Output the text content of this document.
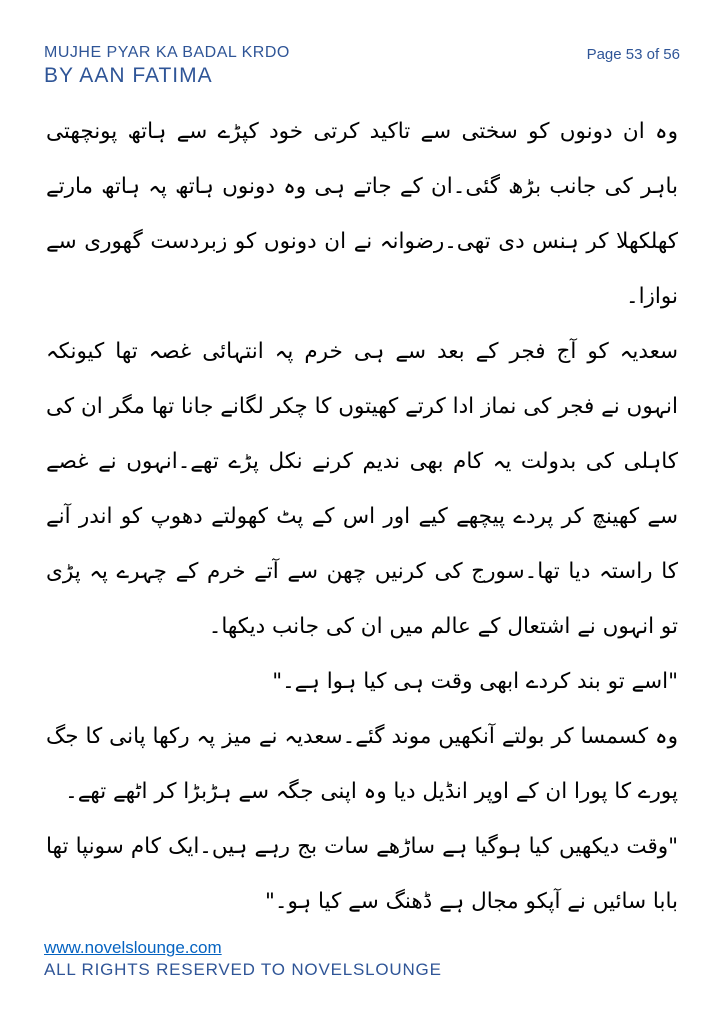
MUJHE PYAR KA BADAL KRDO
BY AAN FATIMA
Page 53 of 56

وہ ان دونوں کو سختی سے تاکید کرتی خود کپڑے سے ہاتھ پونچھتی باہر کی جانب بڑھ گئی۔ان کے جاتے ہی وہ دونوں ہاتھ پہ ہاتھ مارتے کھلکھلا کر ہنس دی تھی۔رضوانہ نے ان دونوں کو زبردست گھوری سے نوازا۔

سعدیہ کو آج فجر کے بعد سے ہی خرم پہ انتہائی غصہ تھا کیونکہ انہوں نے فجر کی نماز ادا کرتے کھیتوں کا چکر لگانے جانا تھا مگر ان کی کاہلی کی بدولت یہ کام بھی ندیم کرنے نکل پڑے تھے۔انہوں نے غصے سے کھینچ کر پردے پیچھے کیے اور اس کے پٹ کھولتے دھوپ کو اندر آنے کا راستہ دیا تھا۔سورج کی کرنیں چھن سے آتے خرم کے چہرے پہ پڑی تو انہوں نے اشتعال کے عالم میں ان کی جانب دیکھا۔

"اسے تو بند کردے ابھی وقت ہی کیا ہوا ہے۔"

وہ کسمسا کر بولتے آنکھیں موند گئے۔سعدیہ نے میز پہ رکھا پانی کا جگ پورے کا پورا ان کے اوپر انڈیل دیا وہ اپنی جگہ سے ہڑبڑا کر اٹھے تھے۔

"وقت دیکھیں کیا ہوگیا ہے ساڑھے سات بج رہے ہیں۔ایک کام سونپا تھا بابا سائیں نے آپکو مجال ہے ڈھنگ سے کیا ہو۔"

www.novelslounge.com
ALL RIGHTS RESERVED TO NOVELSLOUNGE
